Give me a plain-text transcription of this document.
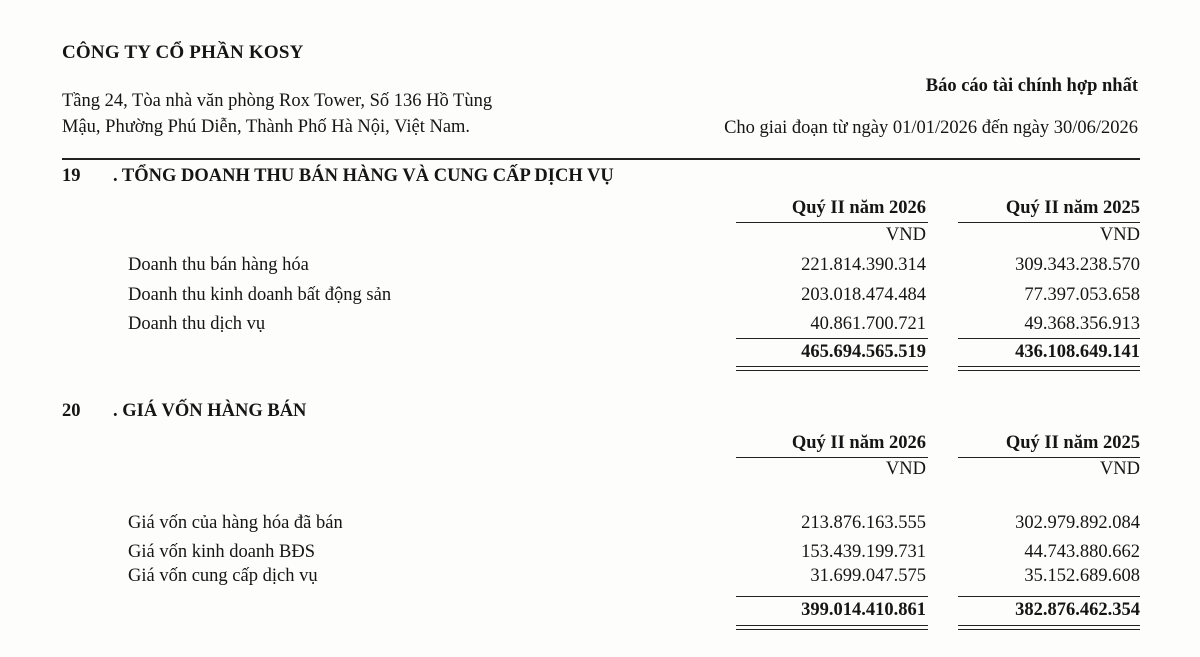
CÔNG TY CỔ PHẦN KOSY
Tầng 24, Tòa nhà văn phòng Rox Tower, Số 136 Hồ Tùng
Mậu, Phường Phú Diễn, Thành Phố Hà Nội, Việt Nam.
Báo cáo tài chính hợp nhất
Cho giai đoạn từ ngày 01/01/2026 đến ngày 30/06/2026
19 . TỔNG DOANH THU BÁN HÀNG VÀ CUNG CẤP DỊCH VỤ
Quý II năm 2026	Quý II năm 2025
VND	VND
Doanh thu bán hàng hóa	221.814.390.314	309.343.238.570
Doanh thu kinh doanh bất động sản	203.018.474.484	77.397.053.658
Doanh thu dịch vụ	40.861.700.721	49.368.356.913
465.694.565.519	436.108.649.141
20 . GIÁ VỐN HÀNG BÁN
Quý II năm 2026	Quý II năm 2025
VND	VND
Giá vốn của hàng hóa đã bán	213.876.163.555	302.979.892.084
Giá vốn kinh doanh BĐS	153.439.199.731	44.743.880.662
Giá vốn cung cấp dịch vụ	31.699.047.575	35.152.689.608
399.014.410.861	382.876.462.354
